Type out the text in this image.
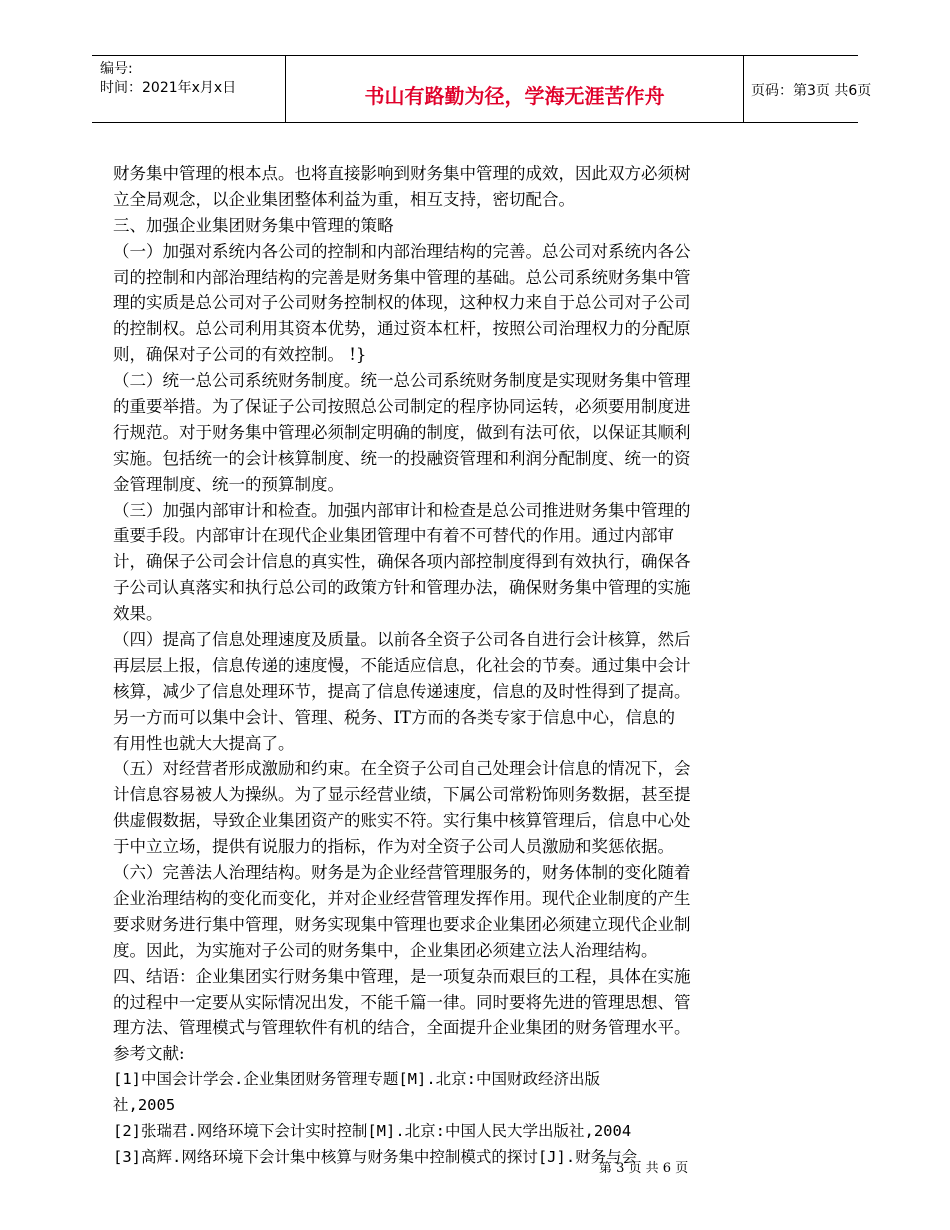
编号:
时间：2021年x月x日	书山有路勤为径，学海无涯苦作舟	页码：第3页 共6页
财务集中管理的根本点。也将直接影响到财务集中管理的成效，因此双方必须树
立全局观念，以企业集团整体利益为重，相互支持，密切配合。
三、加强企业集团财务集中管理的策略
（一）加强对系统内各公司的控制和内部治理结构的完善。总公司对系统内各公
司的控制和内部治理结构的完善是财务集中管理的基础。总公司系统财务集中管
理的实质是总公司对子公司财务控制权的体现，这种权力来自于总公司对子公司
的控制权。总公司利用其资本优势，通过资本杠杆，按照公司治理权力的分配原
则，确保对子公司的有效控制。 !}
（二）统一总公司系统财务制度。统一总公司系统财务制度是实现财务集中管理
的重要举措。为了保证子公司按照总公司制定的程序协同运转，必须要用制度进
行规范。对于财务集中管理必须制定明确的制度，做到有法可依，以保证其顺利
实施。包括统一的会计核算制度、统一的投融资管理和利润分配制度、统一的资
金管理制度、统一的预算制度。
（三）加强内部审计和检查。加强内部审计和检查是总公司推进财务集中管理的
重要手段。内部审计在现代企业集团管理中有着不可替代的作用。通过内部审
计，确保子公司会计信息的真实性，确保各项内部控制度得到有效执行，确保各
子公司认真落实和执行总公司的政策方针和管理办法，确保财务集中管理的实施
效果。
（四）提高了信息处理速度及质量。以前各全资子公司各自进行会计核算，然后
再层层上报，信息传递的速度慢，不能适应信息，化社会的节奏。通过集中会计
核算，减少了信息处理环节，提高了信息传递速度，信息的及时性得到了提高。
另一方而可以集中会计、管理、税务、IT方而的各类专家于信息中心，信息的
有用性也就大大提高了。
（五）对经营者形成激励和约束。在全资子公司自己处理会计信息的情况下，会
计信息容易被人为操纵。为了显示经营业绩，下属公司常粉饰则务数据，甚至提
供虚假数据，导致企业集团资产的账实不符。实行集中核算管理后，信息中心处
于中立立场，提供有说服力的指标，作为对全资子公司人员激励和奖惩依据。
（六）完善法人治理结构。财务是为企业经营管理服务的，财务体制的变化随着
企业治理结构的变化而变化，并对企业经营管理发挥作用。现代企业制度的产生
要求财务进行集中管理，财务实现集中管理也要求企业集团必须建立现代企业制
度。因此，为实施对子公司的财务集中，企业集团必须建立法人治理结构。
四、结语：企业集团实行财务集中管理，是一项复杂而艰巨的工程，具体在实施
的过程中一定要从实际情况出发，不能千篇一律。同时要将先进的管理思想、管
理方法、管理模式与管理软件有机的结合，全面提升企业集团的财务管理水平。
参考文献:
[1]中国会计学会.企业集团财务管理专题[M].北京:中国财政经济出版
社,2005
[2]张瑞君.网络环境下会计实时控制[M].北京:中国人民大学出版社,2004
[3]高辉.网络环境下会计集中核算与财务集中控制模式的探讨[J].财务与会
第 3 页 共 6 页
